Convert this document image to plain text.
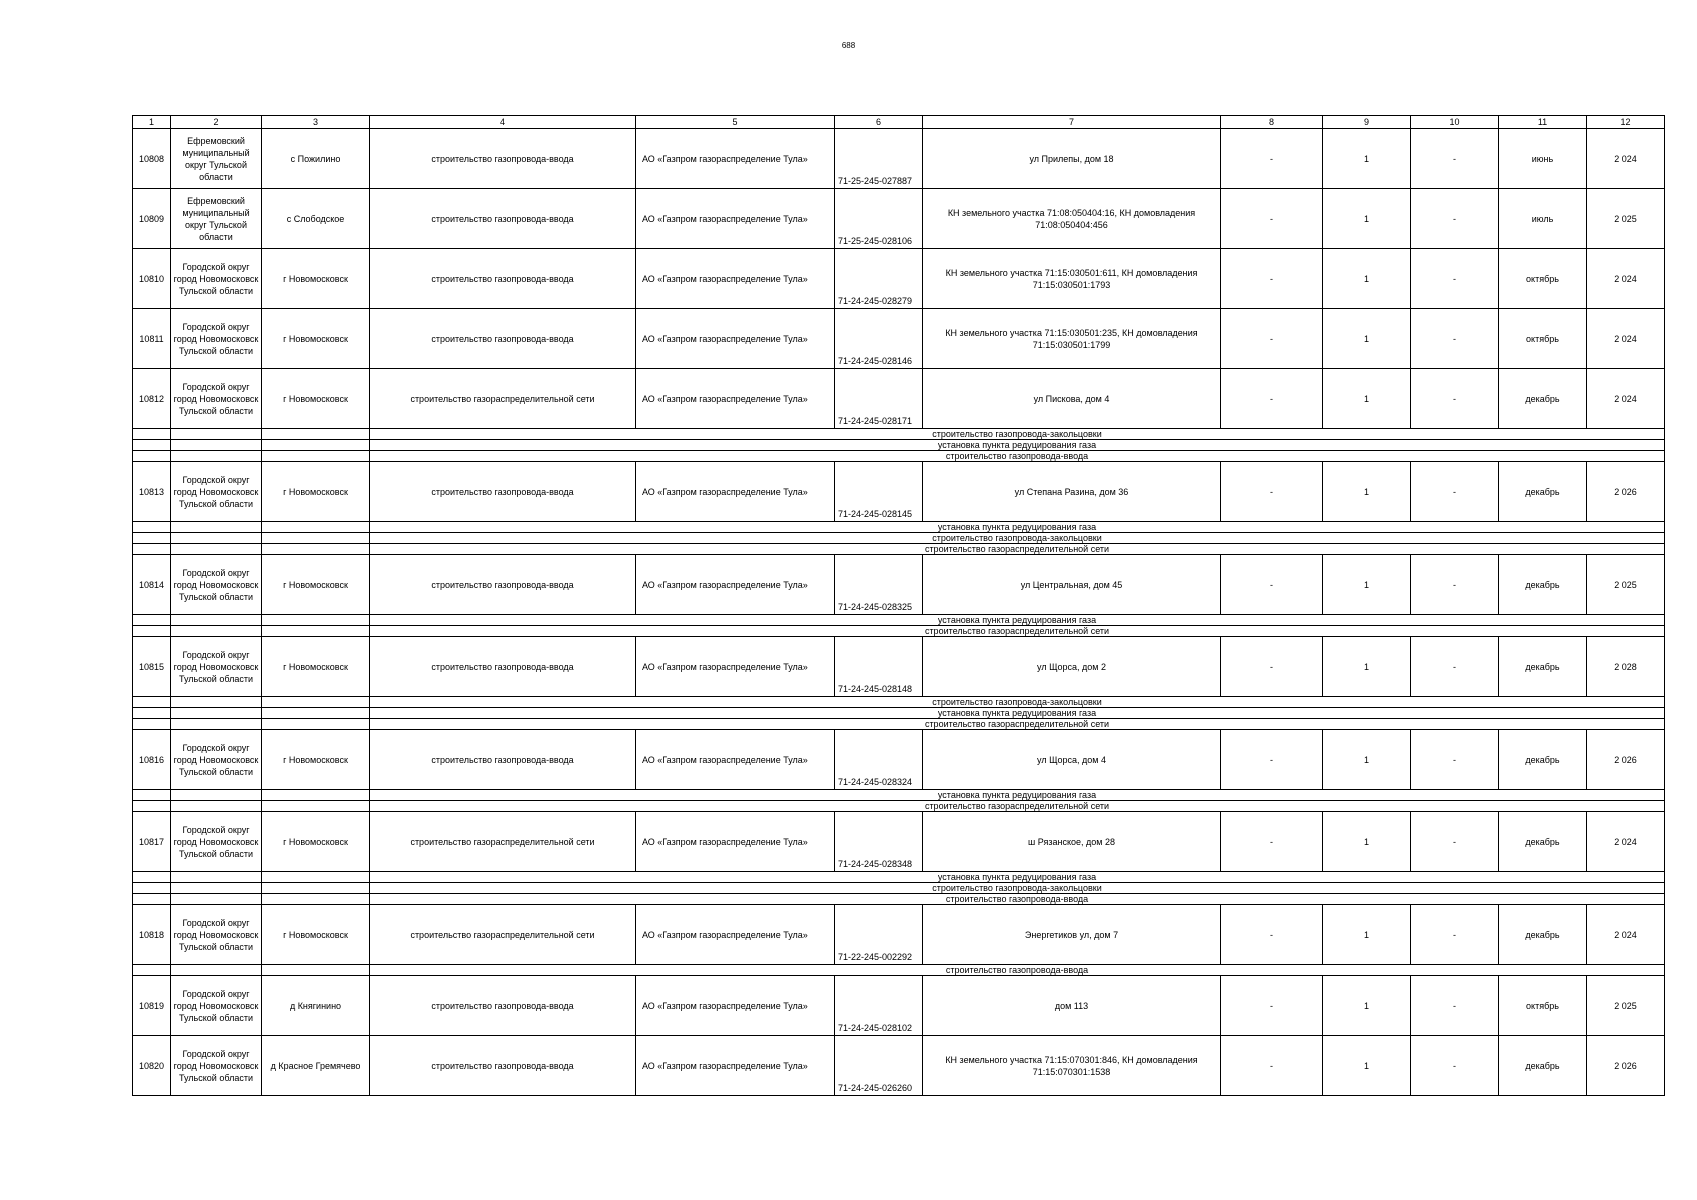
688
1	2	3	4	5	6	7	8	9	10	11	12
10808	Ефремовский муниципальный округ Тульской области	с Пожилино	строительство газопровода-ввода	АО «Газпром газораспределение Тула»	71-25-245-027887	ул Прилепы, дом 18	-	1	-	июнь	2 024
10809	Ефремовский муниципальный округ Тульской области	с Слободское	строительство газопровода-ввода	АО «Газпром газораспределение Тула»	71-25-245-028106	КН земельного участка 71:08:050404:16, КН домовладения 71:08:050404:456	-	1	-	июль	2 025
10810	Городской округ город Новомосковск Тульской области	г Новомосковск	строительство газопровода-ввода	АО «Газпром газораспределение Тула»	71-24-245-028279	КН земельного участка 71:15:030501:611, КН домовладения 71:15:030501:1793	-	1	-	октябрь	2 024
10811	Городской округ город Новомосковск Тульской области	г Новомосковск	строительство газопровода-ввода	АО «Газпром газораспределение Тула»	71-24-245-028146	КН земельного участка 71:15:030501:235, КН домовладения 71:15:030501:1799	-	1	-	октябрь	2 024
10812	Городской округ город Новомосковск Тульской области	г Новомосковск	строительство газораспределительной сети	АО «Газпром газораспределение Тула»	71-24-245-028171	ул Пискова, дом 4	-	1	-	декабрь	2 024
			строительство газопровода-закольцовки								
			установка пункта редуцирования газа								
			строительство газопровода-ввода								
10813	Городской округ город Новомосковск Тульской области	г Новомосковск	строительство газопровода-ввода	АО «Газпром газораспределение Тула»	71-24-245-028145	ул Степана Разина, дом 36	-	1	-	декабрь	2 026
			установка пункта редуцирования газа								
			строительство газопровода-закольцовки								
			строительство газораспределительной сети								
10814	Городской округ город Новомосковск Тульской области	г Новомосковск	строительство газопровода-ввода	АО «Газпром газораспределение Тула»	71-24-245-028325	ул Центральная, дом 45	-	1	-	декабрь	2 025
			установка пункта редуцирования газа								
			строительство газораспределительной сети								
10815	Городской округ город Новомосковск Тульской области	г Новомосковск	строительство газопровода-ввода	АО «Газпром газораспределение Тула»	71-24-245-028148	ул Щорса, дом 2	-	1	-	декабрь	2 028
			строительство газопровода-закольцовки								
			установка пункта редуцирования газа								
			строительство газораспределительной сети								
10816	Городской округ город Новомосковск Тульской области	г Новомосковск	строительство газопровода-ввода	АО «Газпром газораспределение Тула»	71-24-245-028324	ул Щорса, дом 4	-	1	-	декабрь	2 026
			установка пункта редуцирования газа								
			строительство газораспределительной сети								
10817	Городской округ город Новомосковск Тульской области	г Новомосковск	строительство газораспределительной сети	АО «Газпром газораспределение Тула»	71-24-245-028348	ш Рязанское, дом 28	-	1	-	декабрь	2 024
			установка пункта редуцирования газа								
			строительство газопровода-закольцовки								
			строительство газопровода-ввода								
10818	Городской округ город Новомосковск Тульской области	г Новомосковск	строительство газораспределительной сети	АО «Газпром газораспределение Тула»	71-22-245-002292	Энергетиков ул, дом 7	-	1	-	декабрь	2 024
			строительство газопровода-ввода								
10819	Городской округ город Новомосковск Тульской области	д Княгинино	строительство газопровода-ввода	АО «Газпром газораспределение Тула»	71-24-245-028102	дом 113	-	1	-	октябрь	2 025
10820	Городской округ город Новомосковск Тульской области	д Красное Гремячево	строительство газопровода-ввода	АО «Газпром газораспределение Тула»	71-24-245-026260	КН земельного участка 71:15:070301:846, КН домовладения 71:15:070301:1538	-	1	-	декабрь	2 026
